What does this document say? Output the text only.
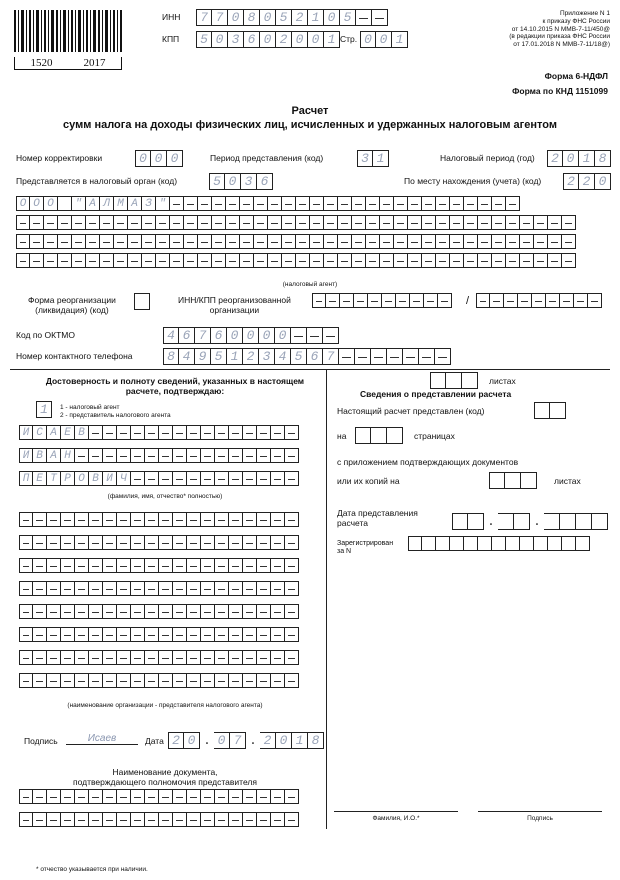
1520	2017
ИНН	7 7 0 8 0 5 2 1 0 5
КПП	5 0 3 6 0 2 0 0 1 Стр. 0 0 1
Приложение N 1
к приказу ФНС России
от 14.10.2015 N ММВ-7-11/450@
(в редакции приказа ФНС России
от 17.01.2018 N ММВ-7-11/18@)
Форма 6-НДФЛ
Форма по КНД 1151099
Расчет
сумм налога на доходы физических лиц, исчисленных и удержанных налоговым агентом
Номер корректировки	0 0 0	Период представления (код)	3 1	Налоговый период (год)	2 0 1 8
Представляется в налоговый орган (код)	5 0 3 6	По месту нахождения (учета) (код)	2 2 0
О О О	" А Л М А З "
(налоговый агент)
Форма реорганизации
(ликвидация) (код)
ИНН/КПП реорганизованной
организации
/
Код по ОКТМО	4 6 7 6 0 0 0 0
Номер контактного телефона	8 4 9 5 1 2 3 4 5 6 7
Достоверность и полноту сведений, указанных в настоящем расчете, подтверждаю:
1	1 - налоговый агент
2 - представитель налогового агента
И С А Е В
И В А Н
П Е Т Р О В И Ч
(фамилия, имя, отчество* полностью)
(наименование организации - представителя налогового агента)
Подпись	Исаев	Дата 2 0 . 0 7 . 2 0 1 8
Наименование документа,
подтверждающего полномочия представителя
листах
Сведения о представлении расчета
Настоящий расчет представлен (код)
на	страницах
с приложением подтверждающих документов
или их копий на	листах
Дата представления
расчета	.	.
Зарегистрирован
за N
Фамилия, И.О.*	Подпись
* отчество указывается при наличии.
